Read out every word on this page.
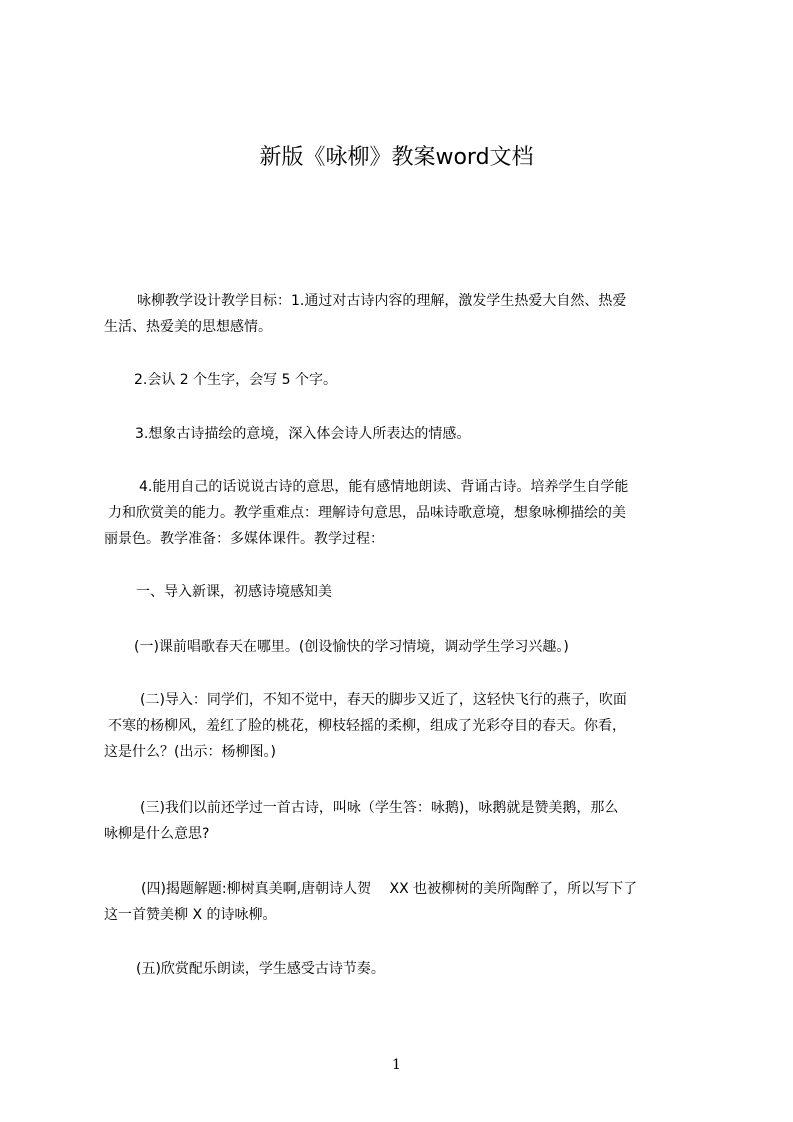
新版《咏柳》教案word文档
咏柳教学设计教学目标：1.通过对古诗内容的理解，激发学生热爱大自然、热爱
生活、热爱美的思想感情。
2.会认 2 个生字，会写 5 个字。
3.想象古诗描绘的意境，深入体会诗人所表达的情感。
4.能用自己的话说说古诗的意思，能有感情地朗读、背诵古诗。培养学生自学能
力和欣赏美的能力。教学重难点：理解诗句意思，品味诗歌意境，想象咏柳描绘的美
丽景色。教学准备：多媒体课件。教学过程：
一、导入新课，初感诗境感知美
(一)课前唱歌春天在哪里。(创设愉快的学习情境，调动学生学习兴趣。)
(二)导入：同学们，不知不觉中，春天的脚步又近了，这轻快飞行的燕子，吹面
不寒的杨柳风，羞红了脸的桃花，柳枝轻摇的柔柳，组成了光彩夺目的春天。你看，
这是什么？(出示：杨柳图。)
(三)我们以前还学过一首古诗，叫咏（学生答：咏鹅)，咏鹅就是赞美鹅，那么
咏柳是什么意思?
(四)揭题解题:柳树真美啊,唐朝诗人贺　 XX 也被柳树的美所陶醉了，所以写下了
这一首赞美柳 X 的诗咏柳。
(五)欣赏配乐朗读，学生感受古诗节奏。
1
